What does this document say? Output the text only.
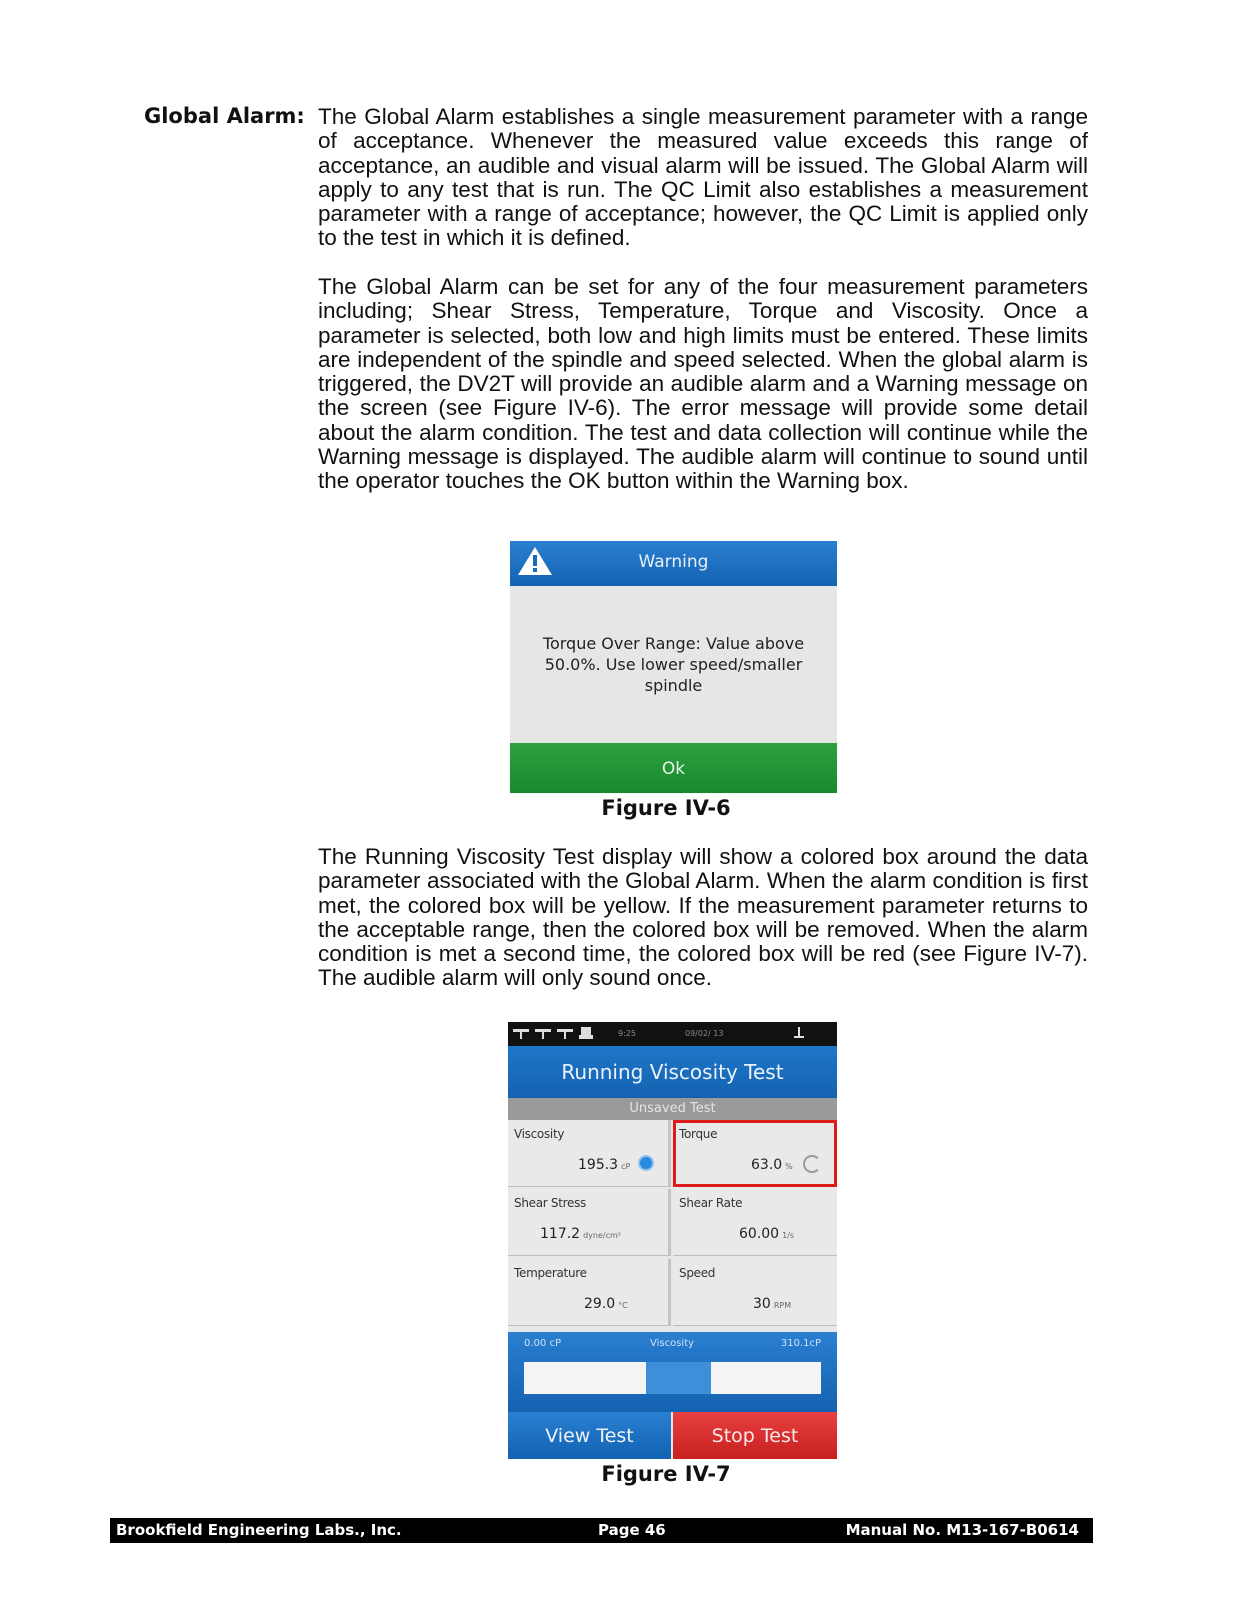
Global Alarm: The Global Alarm establishes a single measurement parameter with a range of acceptance. Whenever the measured value exceeds this range of acceptance, an audible and visual alarm will be issued. The Global Alarm will apply to any test that is run. The QC Limit also establishes a measurement parameter with a range of acceptance; however, the QC Limit is applied only to the test in which it is defined.

The Global Alarm can be set for any of the four measurement parameters including; Shear Stress, Temperature, Torque and Viscosity. Once a parameter is selected, both low and high limits must be entered. These limits are independent of the spindle and speed selected. When the global alarm is triggered, the DV2T will provide an audible alarm and a Warning message on the screen (see Figure IV-6). The error message will provide some detail about the alarm condition. The test and data collection will continue while the Warning message is displayed. The audible alarm will continue to sound until the operator touches the OK button within the Warning box.

Warning
Torque Over Range: Value above 50.0%. Use lower speed/smaller spindle
Ok
Figure IV-6

The Running Viscosity Test display will show a colored box around the data parameter associated with the Global Alarm. When the alarm condition is first met, the colored box will be yellow. If the measurement parameter returns to the acceptable range, then the colored box will be removed. When the alarm condition is met a second time, the colored box will be red (see Figure IV-7). The audible alarm will only sound once.

9:25	09/02/ 13
Running Viscosity Test
Unsaved Test
Viscosity
195.3 cP
Torque
63.0 %
Shear Stress
117.2 dyne/cm²
Shear Rate
60.00 1/s
Temperature
29.0 °C
Speed
30 RPM
0.00 cP	Viscosity	310.1cP
View Test	Stop Test
Figure IV-7
Brookfield Engineering Labs., Inc.	Page 46	Manual No. M13-167-B0614
